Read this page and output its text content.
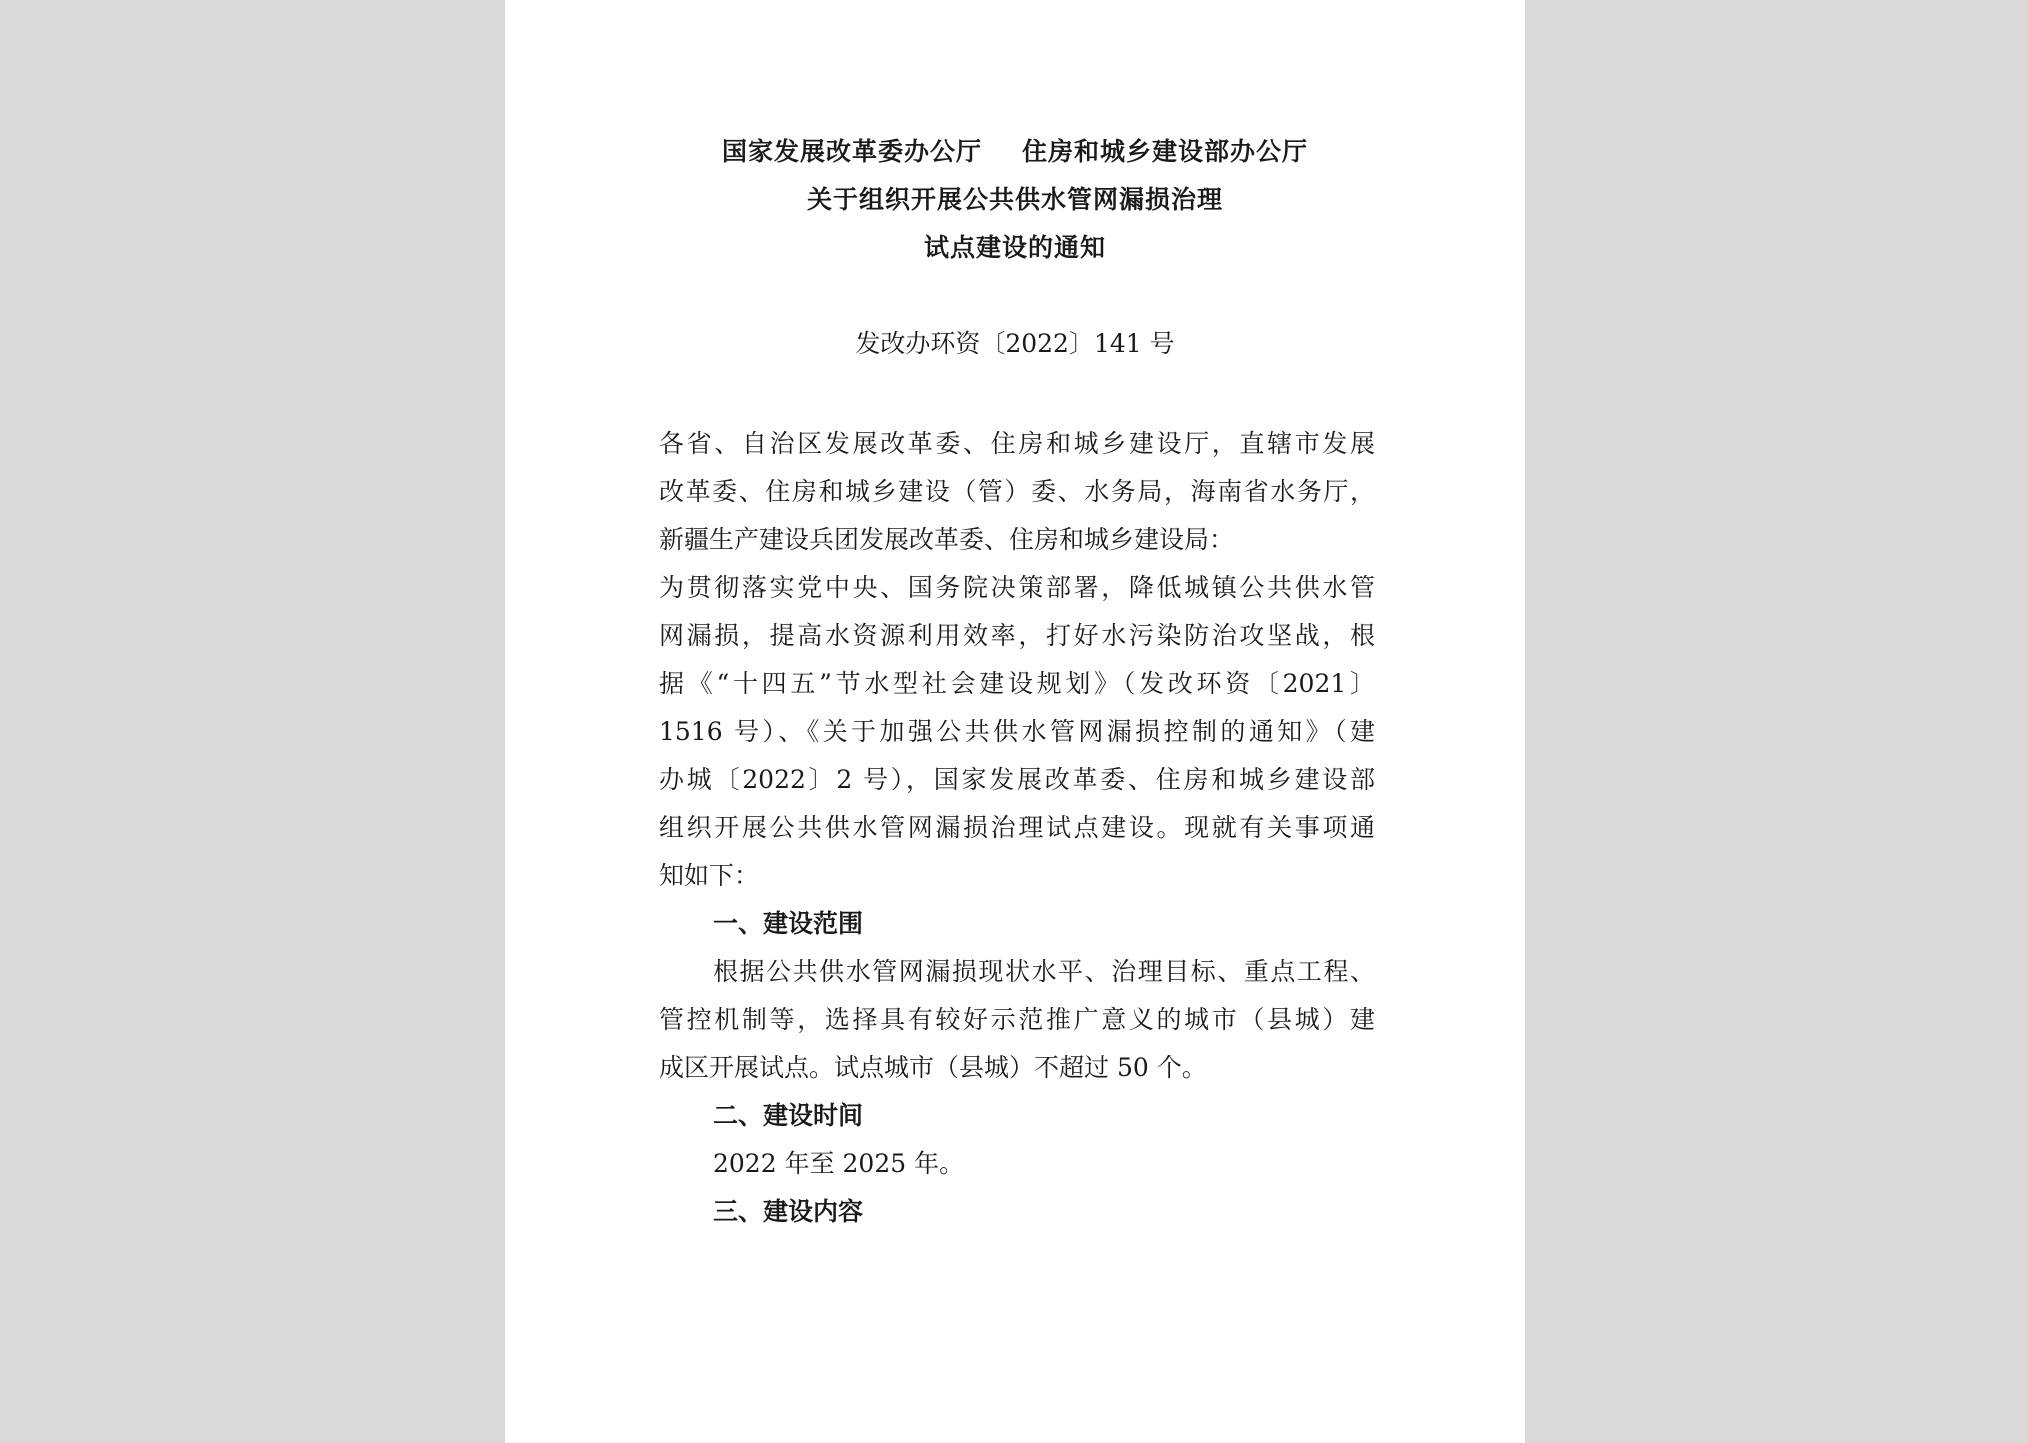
国家发展改革委办公厅 住房和城乡建设部办公厅
关于组织开展公共供水管网漏损治理
试点建设的通知
发改办环资〔2022〕141 号
各省、自治区发展改革委、住房和城乡建设厅，直辖市发展
改革委、住房和城乡建设（管）委、水务局，海南省水务厅，
新疆生产建设兵团发展改革委、住房和城乡建设局：
为贯彻落实党中央、国务院决策部署，降低城镇公共供水管
网漏损，提高水资源利用效率，打好水污染防治攻坚战，根
据《“十四五”节水型社会建设规划》（发改环资〔2021〕
1516 号）、《关于加强公共供水管网漏损控制的通知》（建
办城〔2022〕2 号），国家发展改革委、住房和城乡建设部
组织开展公共供水管网漏损治理试点建设。现就有关事项通
知如下：
一、建设范围
根据公共供水管网漏损现状水平、治理目标、重点工程、
管控机制等，选择具有较好示范推广意义的城市（县城）建
成区开展试点。试点城市（县城）不超过 50 个。
二、建设时间
2022 年至 2025 年。
三、建设内容
